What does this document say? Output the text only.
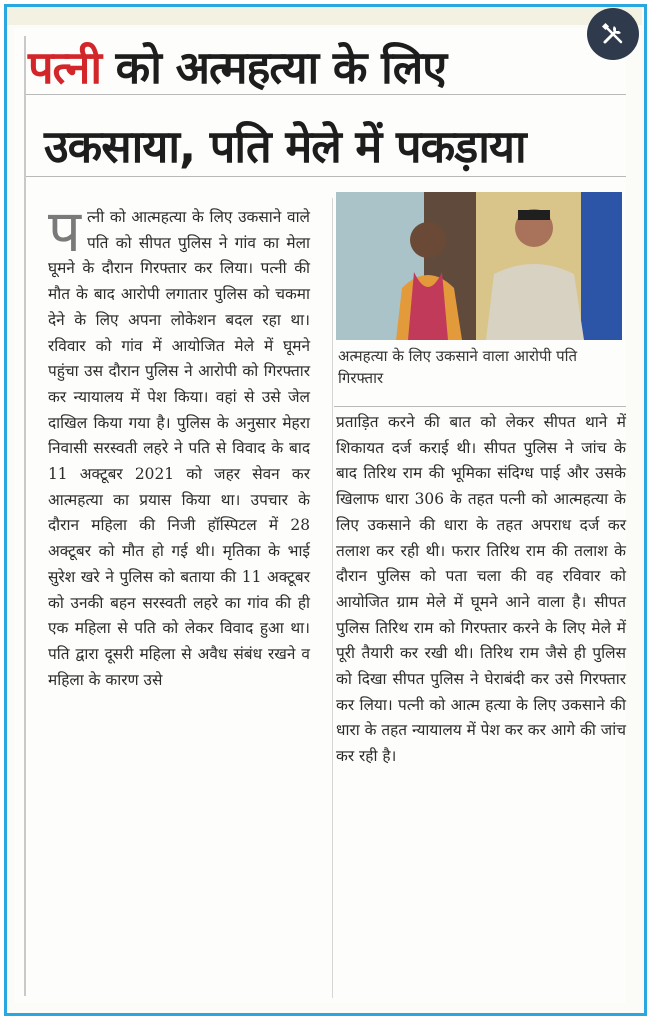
पत्नी को अत्महत्या के लिए
उकसाया, पति मेले में पकड़ाया
अत्महत्या के लिए उकसाने वाला आरोपी पति गिरफ्तार
पत्नी को आत्महत्या के लिए उकसाने वाले पति को सीपत पुलिस ने गांव का मेला घूमने के दौरान गिरफ्तार कर लिया। पत्नी की मौत के बाद आरोपी लगातार पुलिस को चकमा देने के लिए अपना लोकेशन बदल रहा था। रविवार को गांव में आयोजित मेले में घूमने पहुंचा उस दौरान पुलिस ने आरोपी को गिरफ्तार कर न्यायालय में पेश किया। वहां से उसे जेल दाखिल किया गया है। पुलिस के अनुसार मेहरा निवासी सरस्वती लहरे ने पति से विवाद के बाद 11 अक्टूबर 2021 को जहर सेवन कर आत्महत्या का प्रयास किया था। उपचार के दौरान महिला की निजी हॉस्पिटल में 28 अक्टूबर को मौत हो गई थी। मृतिका के भाई सुरेश खरे ने पुलिस को बताया की 11 अक्टूबर को उनकी बहन सरस्वती लहरे का गांव की ही एक महिला से पति को लेकर विवाद हुआ था। पति द्वारा दूसरी महिला से अवैध संबंध रखने व महिला के कारण उसे
प्रताड़ित करने की बात को लेकर सीपत थाने में शिकायत दर्ज कराई थी। सीपत पुलिस ने जांच के बाद तिरिथ राम की भूमिका संदिग्ध पाई और उसके खिलाफ धारा 306 के तहत पत्नी को आत्महत्या के लिए उकसाने की धारा के तहत अपराध दर्ज कर तलाश कर रही थी। फरार तिरिथ राम की तलाश के दौरान पुलिस को पता चला की वह रविवार को आयोजित ग्राम मेले में घूमने आने वाला है। सीपत पुलिस तिरिथ राम को गिरफ्तार करने के लिए मेले में पूरी तैयारी कर रखी थी। तिरिथ राम जैसे ही पुलिस को दिखा सीपत पुलिस ने घेराबंदी कर उसे गिरफ्तार कर लिया। पत्नी को आत्म हत्या के लिए उकसाने की धारा के तहत न्यायालय में पेश कर कर आगे की जांच कर रही है।
